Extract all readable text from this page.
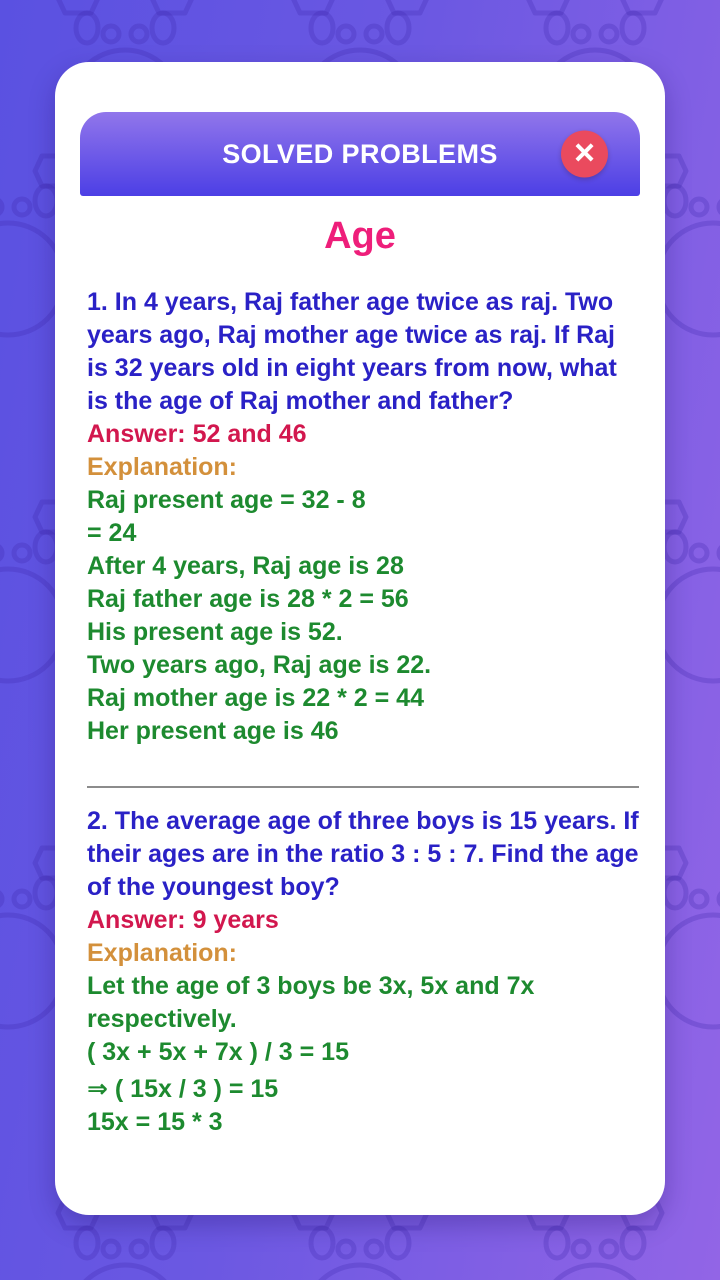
SOLVED PROBLEMS ×
Age

1. In 4 years, Raj father age twice as raj. Two years ago, Raj mother age twice as raj. If Raj is 32 years old in eight years from now, what is the age of Raj mother and father?

Answer: 52 and 46

Explanation:

Raj present age = 32 - 8

= 24

After 4 years, Raj age is 28

Raj father age is 28 * 2 = 56

His present age is 52.

Two years ago, Raj age is 22.

Raj mother age is 22 * 2 = 44

Her present age is 46

2. The average age of three boys is 15 years. If their ages are in the ratio 3 : 5 : 7. Find the age of the youngest boy?

Answer: 9 years

Explanation:

Let the age of 3 boys be 3x, 5x and 7x respectively.

( 3x + 5x + 7x ) / 3 = 15

⇒ ( 15x / 3 ) = 15

15x = 15 * 3
